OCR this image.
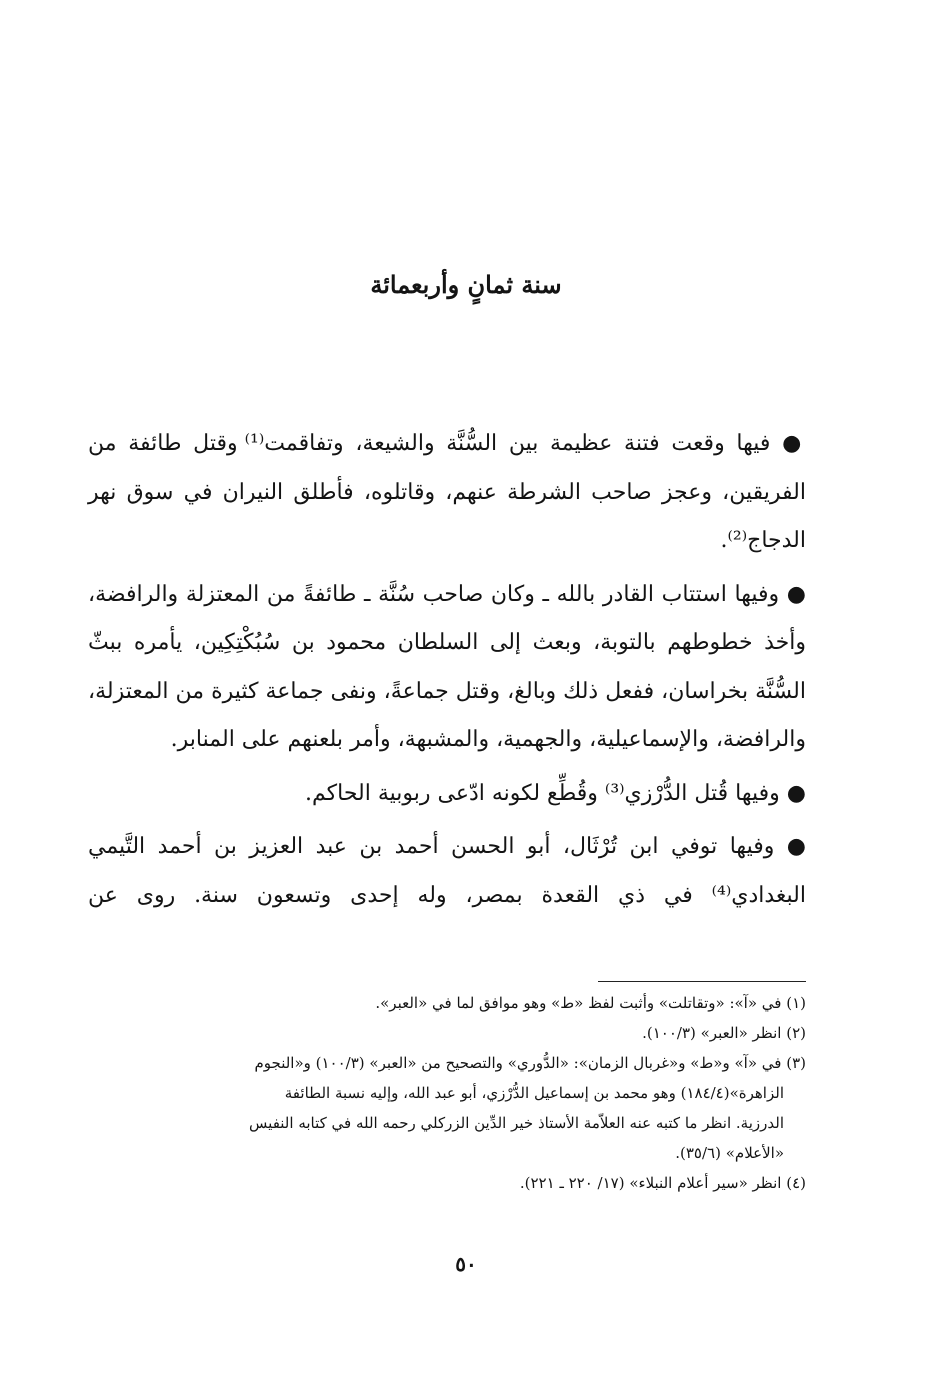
سنة ثمانٍ وأربعمائة

● فيها وقعت فتنة عظيمة بين السُّنَّة والشيعة، وتفاقمت⁽¹⁾ وقتل طائفة من الفريقين، وعجز صاحب الشرطة عنهم، وقاتلوه، فأطلق النيران في سوق نهر الدجاج⁽²⁾.

● وفيها استتاب القادر بالله ـ وكان صاحب سُنَّة ـ طائفةً من المعتزلة والرافضة، وأخذ خطوطهم بالتوبة، وبعث إلى السلطان محمود بن سُبُكْتِكِين، يأمره ببثّ السُّنَّة بخراسان، ففعل ذلك وبالغ، وقتل جماعةً، ونفى جماعة كثيرة من المعتزلة، والرافضة، والإسماعيلية، والجهمية، والمشبهة، وأمر بلعنهم على المنابر.

● وفيها قُتل الدُّرْزي⁽³⁾ وقُطِّع لكونه ادّعى ربوبية الحاكم.

● وفيها توفي ابن تُرْثَال، أبو الحسن أحمد بن عبد العزيز بن أحمد التَّيمي البغدادي⁽⁴⁾ في ذي القعدة بمصر، وله إحدى وتسعون سنة. روى عن

(١) في «آ»: «وتقاتلت» وأثبت لفظ «ط» وهو موافق لما في «العبر».

(٢) انظر «العبر» (١٠٠/٣).

(٣) في «آ» و«ط» و«غربال الزمان»: «الدُّوري» والتصحيح من «العبر» (١٠٠/٣) و«النجوم

الزاهرة»(١٨٤/٤) وهو محمد بن إسماعيل الدُّرْزي، أبو عبد الله، وإليه نسبة الطائفة

الدرزية. انظر ما كتبه عنه العلاّمة الأستاذ خير الدِّين الزركلي رحمه الله في كتابه النفيس

«الأعلام» (٣٥/٦).

(٤) انظر «سير أعلام النبلاء» (١٧/ ٢٢٠ ـ ٢٢١).

٥٠
